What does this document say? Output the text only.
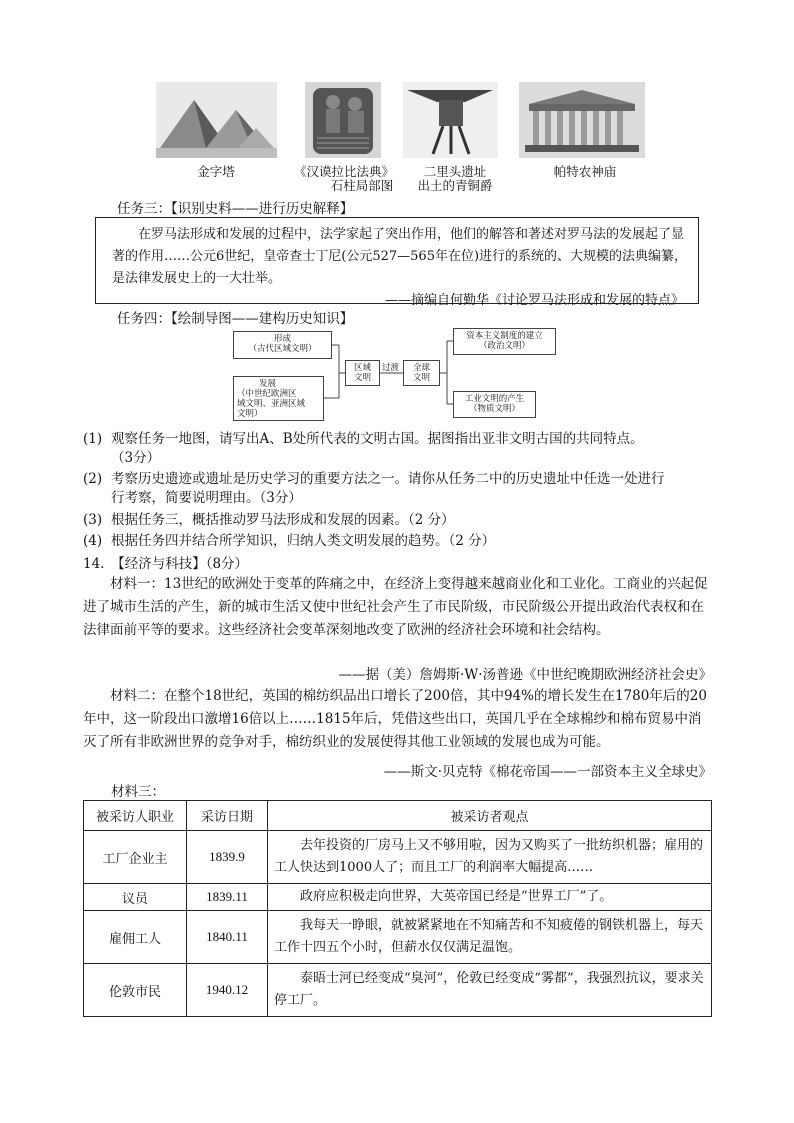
金字塔	《汉谟拉比法典》
石柱局部图
二里头遗址
出土的青铜爵
帕特农神庙
任务三：【识别史料——进行历史解释】

在罗马法形成和发展的过程中，法学家起了突出作用，他们的解答和著述对罗马法的发展起了显著的作用……公元6世纪，皇帝查士丁尼(公元527—565年在位)进行的系统的、大规模的法典编纂，是法律发展史上的一大壮举。

——摘编自何勤华《讨论罗马法形成和发展的特点》
任务四：【绘制导图——建构历史知识】
形成
（古代区域文明）
发展
（中世纪欧洲区
域文明、亚洲区域
文明）
区域
文明
过渡	全球
文明
资本主义制度的建立
（政治文明）
工业文明的产生
（物质文明）
(1) 观察任务一地图，请写出A、B处所代表的文明古国。据图指出亚非文明古国的共同特点。
（3分）
(2) 考察历史遗迹或遗址是历史学习的重要方法之一。请你从任务二中的历史遗址中任选一处进行
行考察，简要说明理由。（3分）
(3) 根据任务三，概括推动罗马法形成和发展的因素。（2 分）
(4) 根据任务四并结合所学知识，归纳人类文明发展的趋势。（2 分）
14.　【经济与科技】（8分）
材料一：13世纪的欧洲处于变革的阵痛之中，在经济上变得越来越商业化和工业化。工商业的兴起促进了城市生活的产生，新的城市生活又使中世纪社会产生了市民阶级，市民阶级公开提出政治代表权和在法律面前平等的要求。这些经济社会变革深刻地改变了欧洲的经济社会环境和社会结构。
——据（美）詹姆斯·W·汤普逊《中世纪晚期欧洲经济社会史》
材料二：在整个18世纪，英国的棉纺织品出口增长了200倍，其中94%的增长发生在1780年后的20年中，这一阶段出口激增16倍以上……1815年后，凭借这些出口，英国几乎在全球棉纱和棉布贸易中消灭了所有非欧洲世界的竞争对手，棉纺织业的发展使得其他工业领域的发展也成为可能。
——斯文·贝克特《棉花帝国——一部资本主义全球史》
材料三：
被采访人职业	采访日期	被采访者观点
工厂企业主	1839.9	去年投资的厂房马上又不够用啦，因为又购买了一批纺织机器；雇用的工人快达到1000人了；而且工厂的利润率大幅提高……
议员	1839.11	政府应积极走向世界，大英帝国已经是“世界工厂”了。
雇佣工人	1840.11	我每天一睁眼，就被紧紧地在不知痛苦和不知疲倦的钢铁机器上，每天工作十四五个小时，但薪水仅仅满足温饱。
伦敦市民	1940.12	泰晤士河已经变成“臭河”，伦敦已经变成“雾都”，我强烈抗议，要求关停工厂。
